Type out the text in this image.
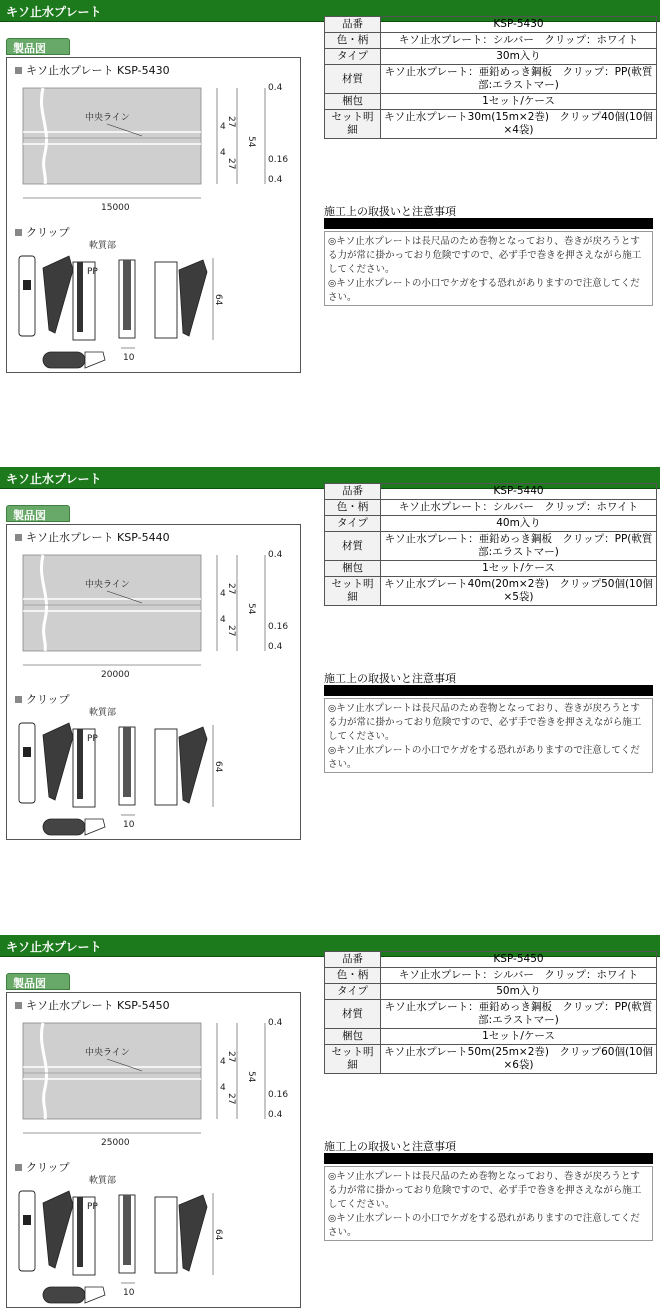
キソ止水プレート
製品図
キソ止水プレート KSP-5430
クリップ
中央ライン
15000
0.4
27
4
4
27
54
0.16
0.4
PP
軟質部
64
10
品番	KSP-5430
色・柄	キソ止水プレート：シルバー　クリップ：ホワイト
タイプ	30m入り
材質	キソ止水プレート：亜鉛めっき鋼板　クリップ：PP(軟質部:エラストマー)
梱包	1セット/ケース
セット明細	キソ止水プレート30m(15m×2巻)　クリップ40個(10個×4袋)
施工上の取扱いと注意事項
◎キソ止水プレートは長尺品のため巻物となっており、巻きが戻ろうとする力が常に掛かっており危険ですので、必ず手で巻きを押さえながら施工してください。
◎キソ止水プレートの小口でケガをする恐れがありますので注意してください。
キソ止水プレート
製品図
キソ止水プレート KSP-5440
クリップ
中央ライン
20000
0.4
27
4
4
27
54
0.16
0.4
PP
軟質部
64
10
品番	KSP-5440
色・柄	キソ止水プレート：シルバー　クリップ：ホワイト
タイプ	40m入り
材質	キソ止水プレート：亜鉛めっき鋼板　クリップ：PP(軟質部:エラストマー)
梱包	1セット/ケース
セット明細	キソ止水プレート40m(20m×2巻)　クリップ50個(10個×5袋)
施工上の取扱いと注意事項
◎キソ止水プレートは長尺品のため巻物となっており、巻きが戻ろうとする力が常に掛かっており危険ですので、必ず手で巻きを押さえながら施工してください。
◎キソ止水プレートの小口でケガをする恐れがありますので注意してください。
キソ止水プレート
製品図
キソ止水プレート KSP-5450
クリップ
中央ライン
25000
0.4
27
4
4
27
54
0.16
0.4
PP
軟質部
64
10
品番	KSP-5450
色・柄	キソ止水プレート：シルバー　クリップ：ホワイト
タイプ	50m入り
材質	キソ止水プレート：亜鉛めっき鋼板　クリップ：PP(軟質部:エラストマー)
梱包	1セット/ケース
セット明細	キソ止水プレート50m(25m×2巻)　クリップ60個(10個×6袋)
施工上の取扱いと注意事項
◎キソ止水プレートは長尺品のため巻物となっており、巻きが戻ろうとする力が常に掛かっており危険ですので、必ず手で巻きを押さえながら施工してください。
◎キソ止水プレートの小口でケガをする恐れがありますので注意してください。
